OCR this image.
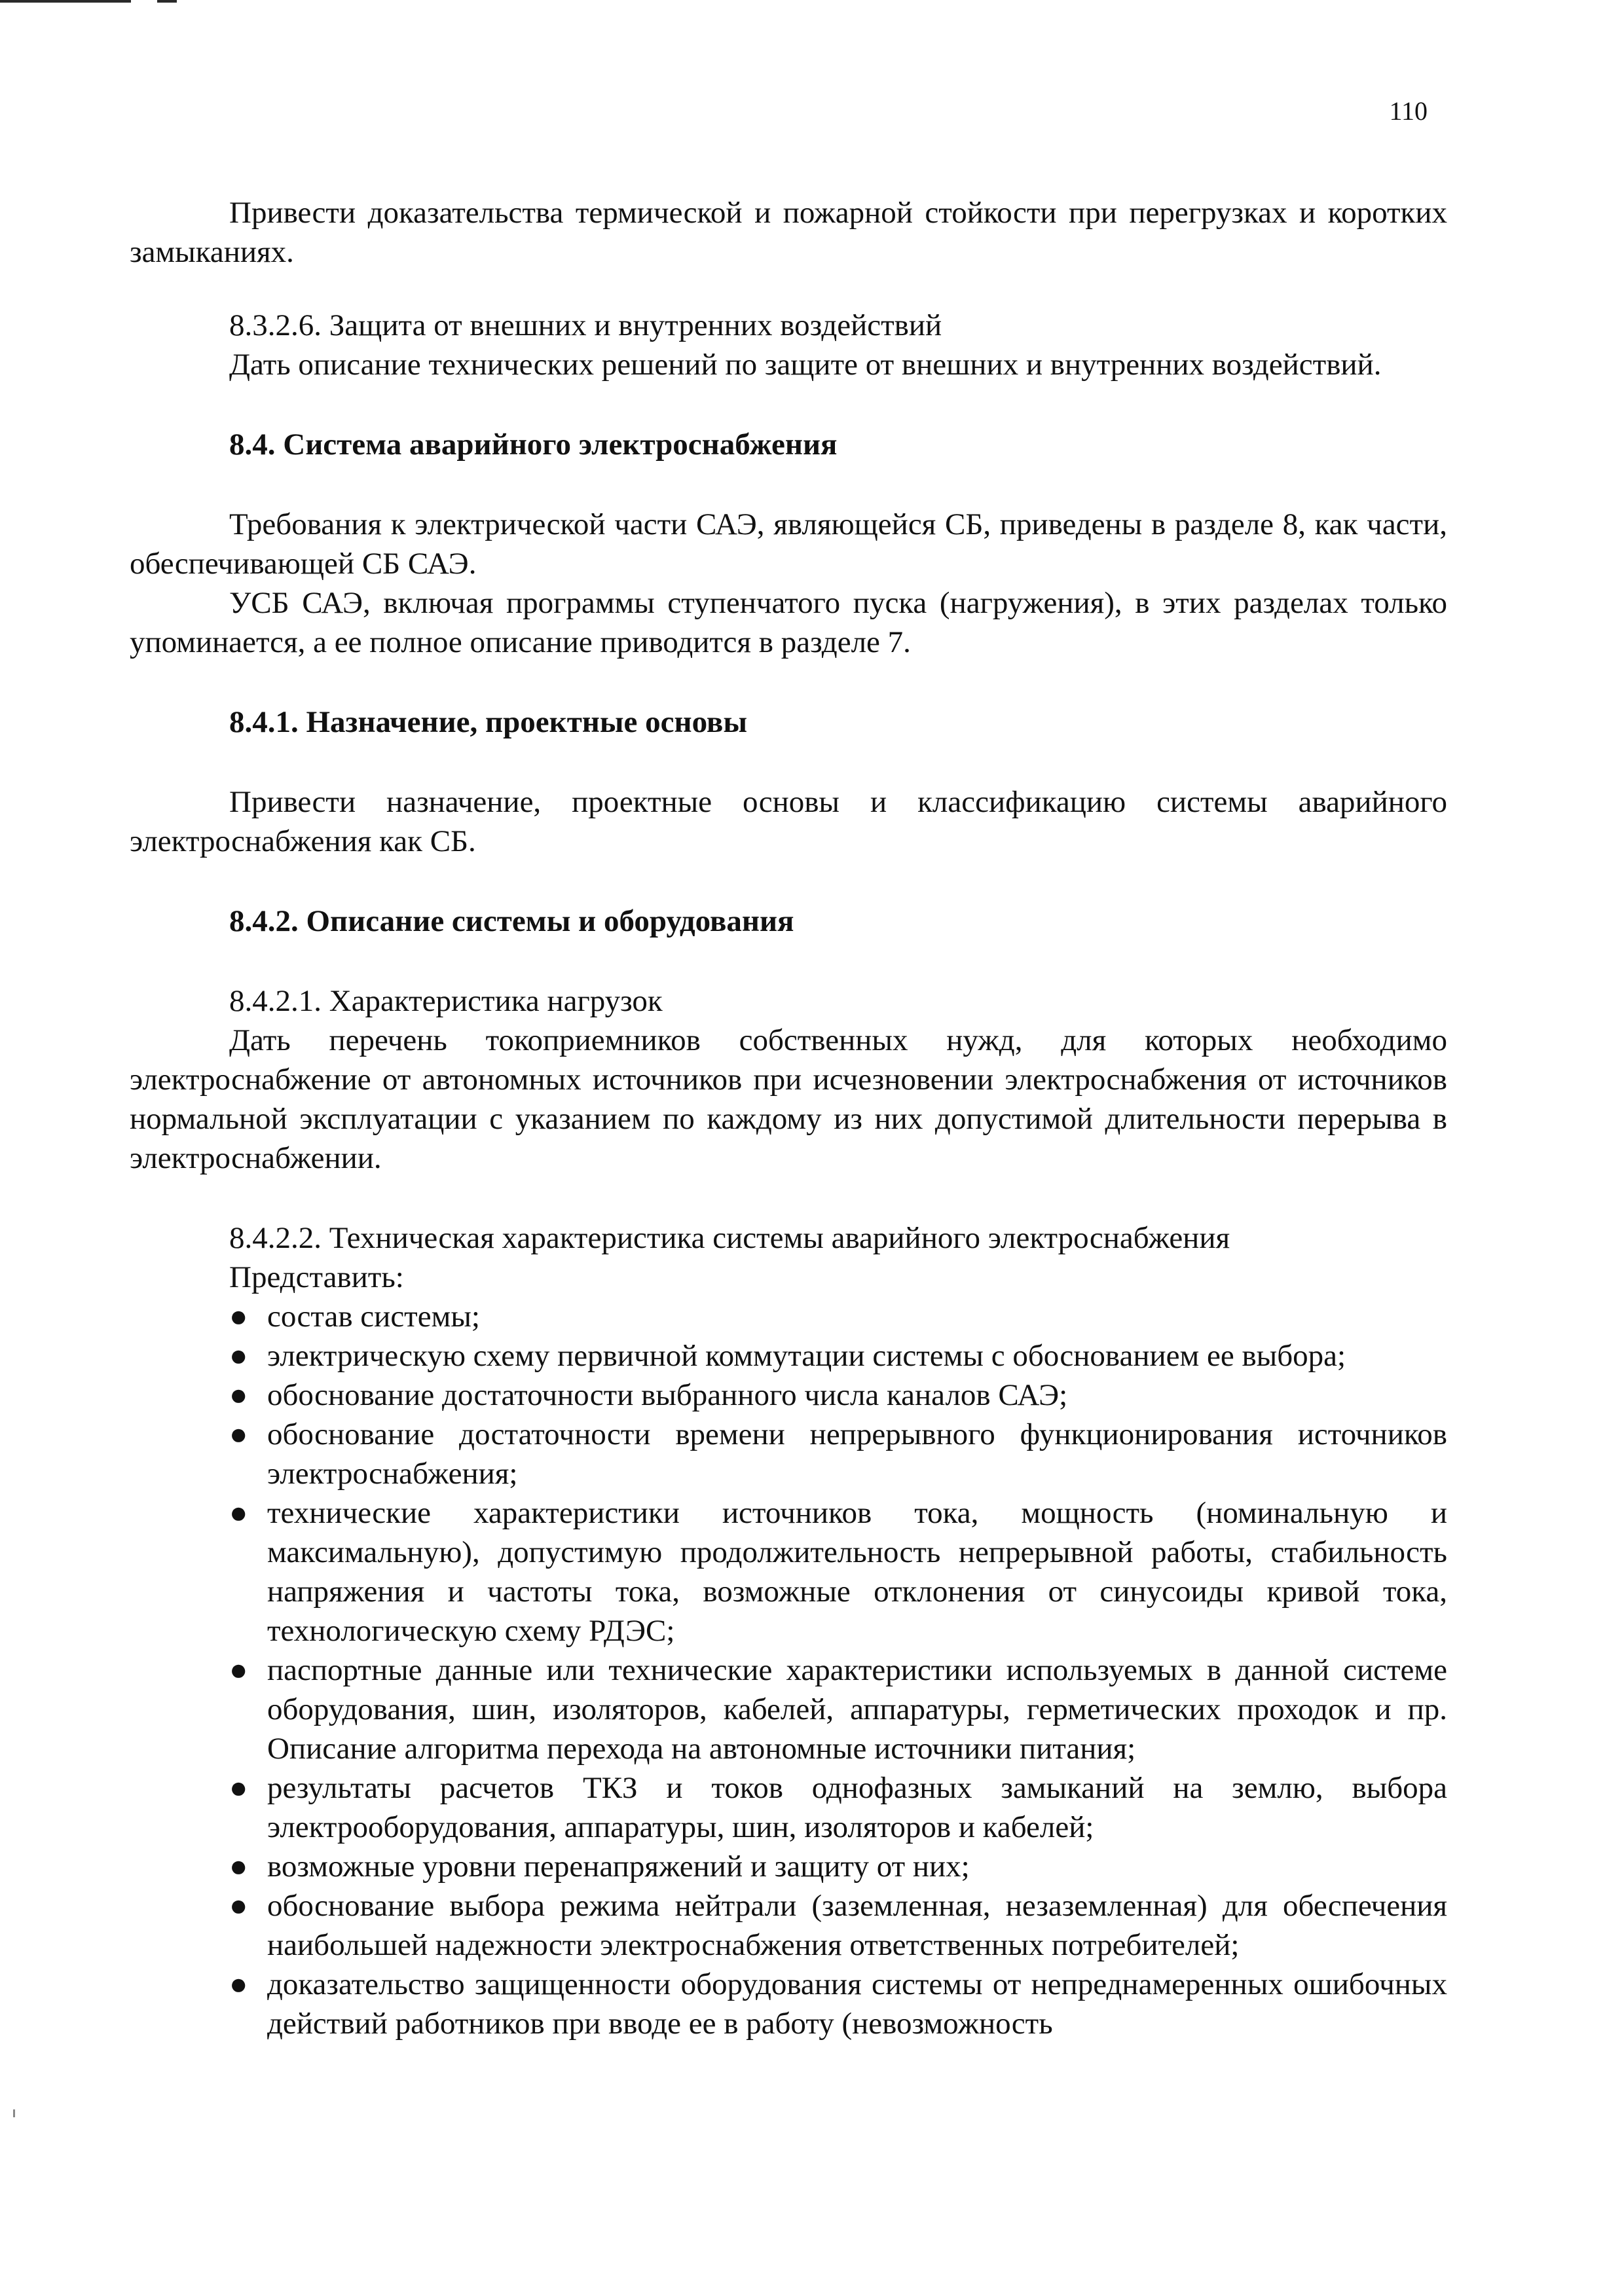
110

Привести доказательства термической и пожарной стойкости при перегрузках и коротких замыканиях.

8.3.2.6. Защита от внешних и внутренних воздействий

Дать описание технических решений по защите от внешних и внутренних воздействий.

8.4. Система аварийного электроснабжения

Требования к электрической части САЭ, являющейся СБ, приведены в разделе 8, как части, обеспечивающей СБ САЭ.

УСБ САЭ, включая программы ступенчатого пуска (нагружения), в этих разделах только упоминается, а ее полное описание приводится в разделе 7.

8.4.1. Назначение, проектные основы

Привести назначение, проектные основы и классификацию системы аварийного электроснабжения как СБ.

8.4.2. Описание системы и оборудования

8.4.2.1. Характеристика нагрузок

Дать перечень токоприемников собственных нужд, для которых необходимо электроснабжение от автономных источников при исчезновении электроснабжения от источников нормальной эксплуатации с указанием по каждому из них допустимой длительности перерыва в электроснабжении.

8.4.2.2. Техническая характеристика системы аварийного электроснабжения

Представить:

● состав системы;
● электрическую схему первичной коммутации системы с обоснованием ее выбора;
● обоснование достаточности выбранного числа каналов САЭ;
● обоснование достаточности времени непрерывного функционирования источников электроснабжения;
● технические характеристики источников тока, мощность (номинальную и максимальную), допустимую продолжительность непрерывной работы, стабильность напряжения и частоты тока, возможные отклонения от синусоиды кривой тока, технологическую схему РДЭС;
● паспортные данные или технические характеристики используемых в данной системе оборудования, шин, изоляторов, кабелей, аппаратуры, герметических проходок и пр. Описание алгоритма перехода на автономные источники питания;
● результаты расчетов ТКЗ и токов однофазных замыканий на землю, выбора электрооборудования, аппаратуры, шин, изоляторов и кабелей;
● возможные уровни перенапряжений и защиту от них;
● обоснование выбора режима нейтрали (заземленная, незаземленная) для обеспечения наибольшей надежности электроснабжения ответственных потребителей;
● доказательство защищенности оборудования системы от непреднамеренных ошибочных действий работников при вводе ее в работу (невозможность
